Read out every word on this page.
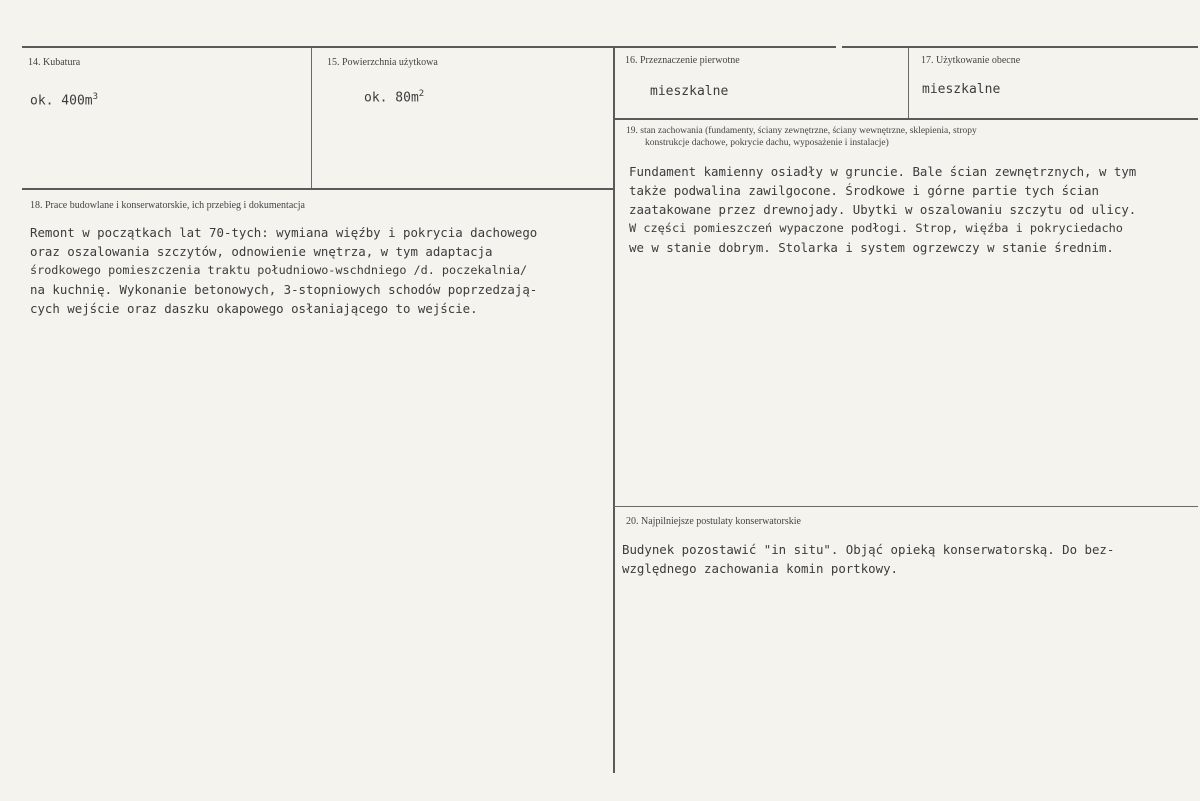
14. Kubatura
ok. $400m^3$
15. Powierzchnia użytkowa
ok. $80m^2$
16. Przeznaczenie pierwotne
mieszkalne
17. Użytkowanie obecne
mieszkalne
19. stan zachowania (fundamenty, ściany zewnętrzne, ściany wewnętrzne, sklepienia, stropy
konstrukcje dachowe, pokrycie dachu, wyposażenie i instalacje)
Fundament kamienny osiadły w gruncie. Bale ścian zewnętrznych, w tym
także podwalina zawilgocone. Środkowe i górne partie tych ścian
zaatakowane przez drewnojady. Ubytki w oszalowaniu szczytu od ulicy.
W części pomieszczeń wypaczone podłogi. Strop, więźba i pokryciedacho
we w stanie dobrym. Stolarka i system ogrzewczy w stanie średnim.
18. Prace budowlane i konserwatorskie, ich przebieg i dokumentacja
Remont w początkach lat 70-tych: wymiana więźby i pokrycia dachowego
oraz oszalowania szczytów, odnowienie wnętrza, w tym adaptacja
środkowego pomieszczenia traktu południowo-wschdniego /d. poczekalnia/
na kuchnię. Wykonanie betonowych, 3-stopniowych schodów poprzedzają-
cych wejście oraz daszku okapowego osłaniającego to wejście.
20. Najpilniejsze postulaty konserwatorskie
Budynek pozostawić "in situ". Objąć opieką konserwatorską. Do bez-
względnego zachowania komin portkowy.
